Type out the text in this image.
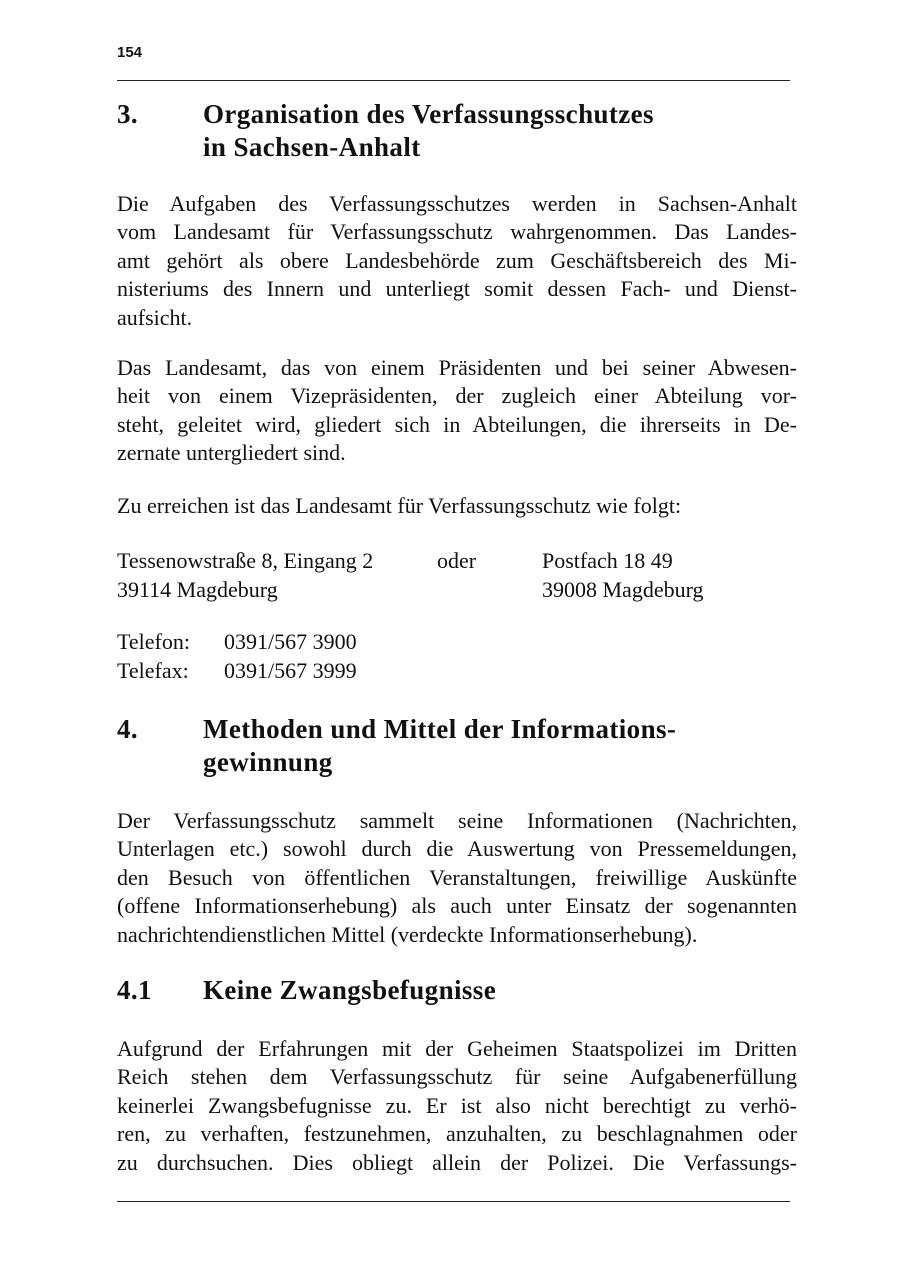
154
3. Organisation des Verfassungsschutzes
in Sachsen-Anhalt
Die Aufgaben des Verfassungsschutzes werden in Sachsen-Anhalt
vom Landesamt für Verfassungsschutz wahrgenommen. Das Landes-
amt gehört als obere Landesbehörde zum Geschäftsbereich des Mi-
nisteriums des Innern und unterliegt somit dessen Fach- und Dienst-
aufsicht.
Das Landesamt, das von einem Präsidenten und bei seiner Abwesen-
heit von einem Vizepräsidenten, der zugleich einer Abteilung vor-
steht, geleitet wird, gliedert sich in Abteilungen, die ihrerseits in De-
zernate untergliedert sind.
Zu erreichen ist das Landesamt für Verfassungsschutz wie folgt:
Tessenowstraße 8, Eingang 2
39114 Magdeburg
oder	Postfach 18 49
39008 Magdeburg
Telefon: 0391/567 3900
Telefax: 0391/567 3999
4. Methoden und Mittel der Informations-
gewinnung
Der Verfassungsschutz sammelt seine Informationen (Nachrichten,
Unterlagen etc.) sowohl durch die Auswertung von Pressemeldungen,
den Besuch von öffentlichen Veranstaltungen, freiwillige Auskünfte
(offene Informationserhebung) als auch unter Einsatz der sogenannten
nachrichtendienstlichen Mittel (verdeckte Informationserhebung).
4.1 Keine Zwangsbefugnisse
Aufgrund der Erfahrungen mit der Geheimen Staatspolizei im Dritten
Reich stehen dem Verfassungsschutz für seine Aufgabenerfüllung
keinerlei Zwangsbefugnisse zu. Er ist also nicht berechtigt zu verhö-
ren, zu verhaften, festzunehmen, anzuhalten, zu beschlagnahmen oder
zu durchsuchen. Dies obliegt allein der Polizei. Die Verfassungs-
